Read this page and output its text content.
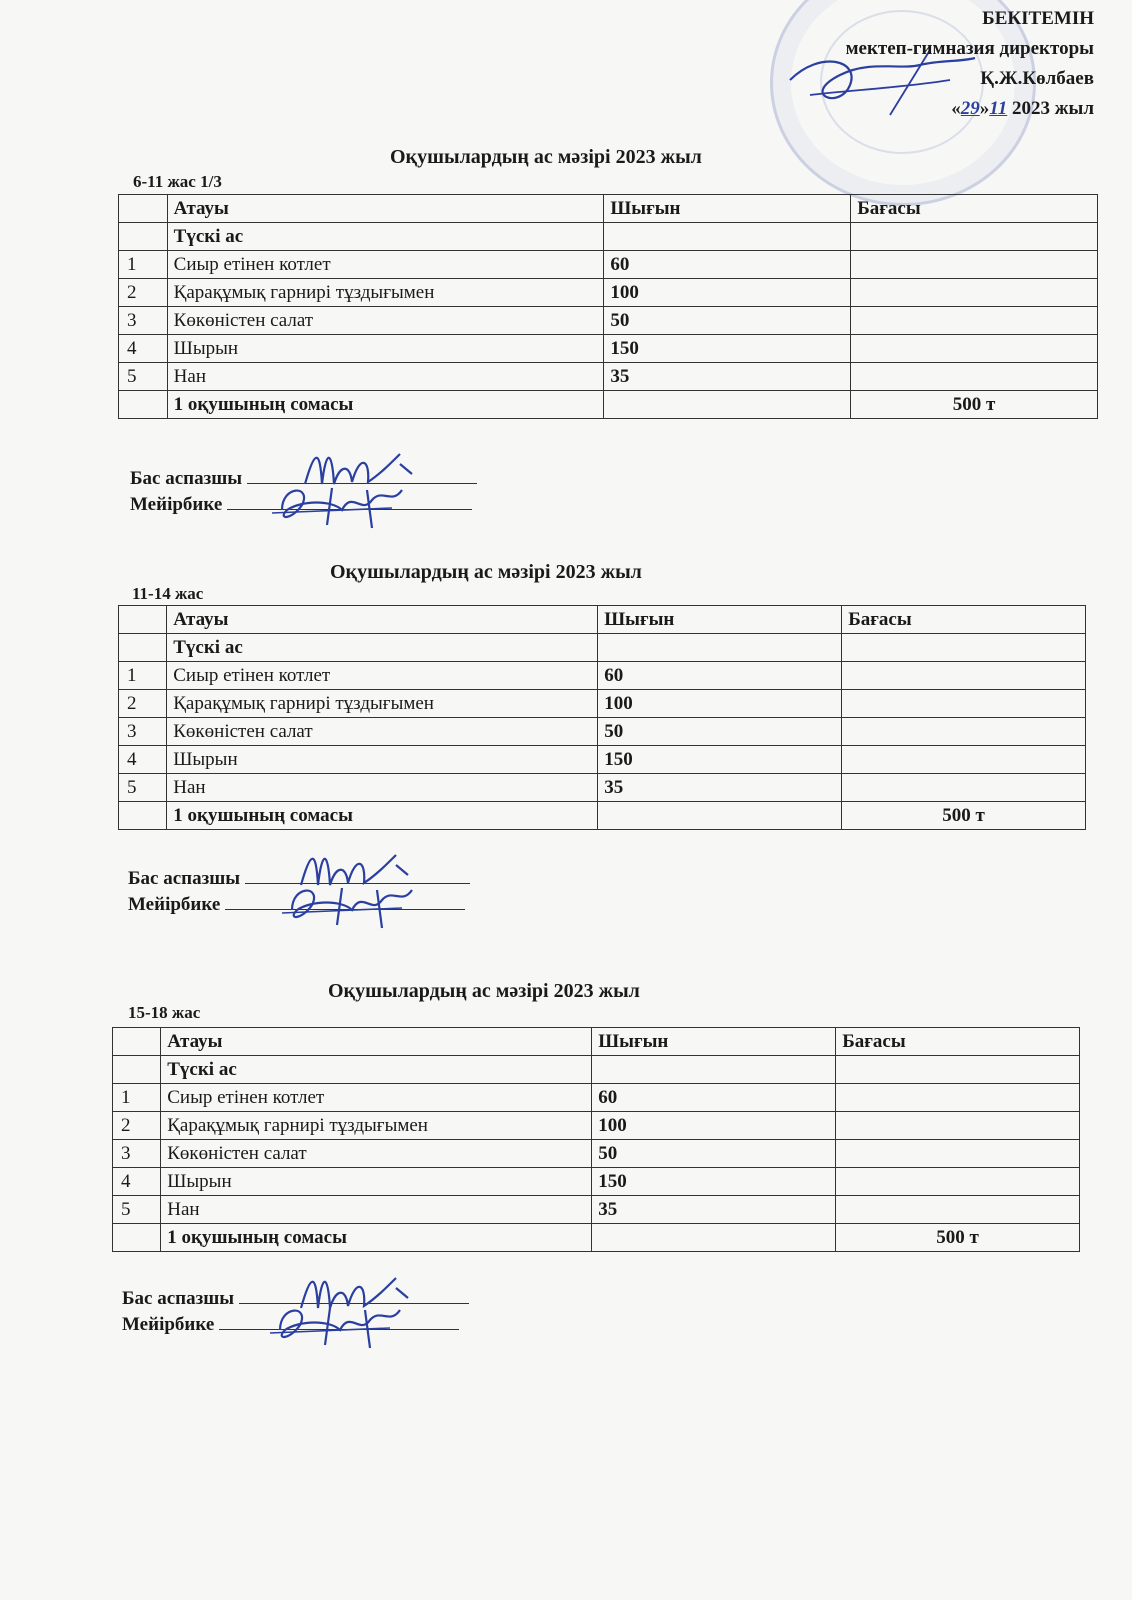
БЕКІТЕМІН
мектеп-гимназия директоры
Қ.Ж.Көлбаев
«29»11 2023 жыл
Оқушылардың ас мәзірі 2023 жыл
6-11 жас 1/3
	Атауы	Шығын	Бағасы
	Түскі ас		
1	Сиыр етінен котлет	60	
2	Қарақұмық гарнирі тұздығымен	100	
3	Көкөністен салат	50	
4	Шырын	150	
5	Нан	35	
	1 оқушының сомасы		500 т
Бас аспазшы
Мейірбике
Оқушылардың ас мәзірі 2023 жыл
11-14 жас
	Атауы	Шығын	Бағасы
	Түскі ас		
1	Сиыр етінен котлет	60	
2	Қарақұмық гарнирі тұздығымен	100	
3	Көкөністен салат	50	
4	Шырын	150	
5	Нан	35	
	1 оқушының сомасы		500 т
Бас аспазшы
Мейірбике
Оқушылардың ас мәзірі 2023 жыл
15-18 жас
	Атауы	Шығын	Бағасы
	Түскі ас		
1	Сиыр етінен котлет	60	
2	Қарақұмық гарнирі тұздығымен	100	
3	Көкөністен салат	50	
4	Шырын	150	
5	Нан	35	
	1 оқушының сомасы		500 т
Бас аспазшы
Мейірбике
